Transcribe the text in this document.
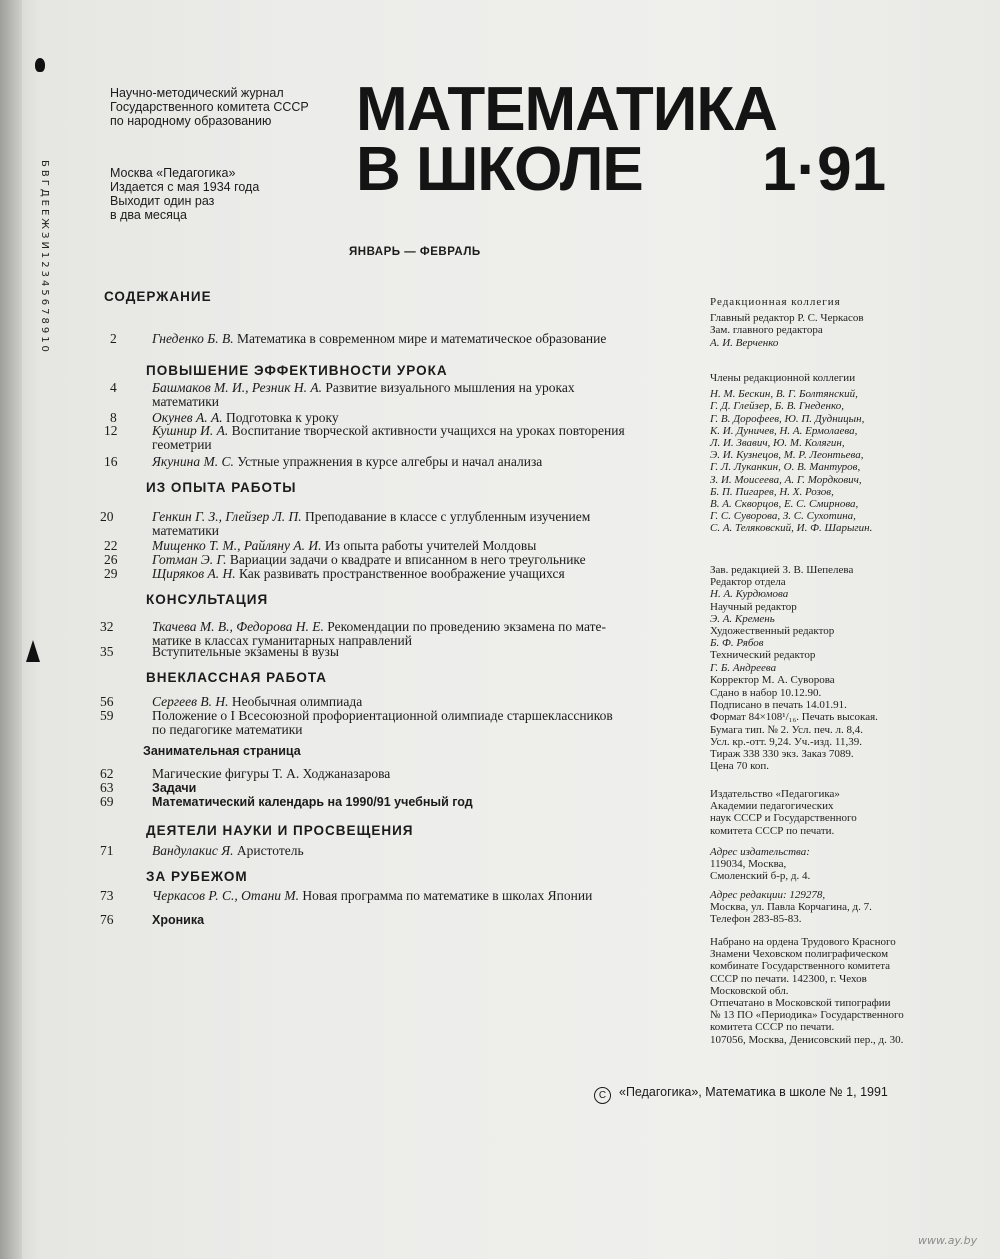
БВГДЕЕЖЗИ12345678910
Научно-методический журнал
Государственного комитета СССР
по народному образованию
Москва «Педагогика»
Издается с мая 1934 года
Выходит один раз
в два месяца
МАТЕМАТИКА
В ШКОЛЕ	1·91
ЯНВАРЬ — ФЕВРАЛЬ
СОДЕРЖАНИЕ
2	Гнеденко Б. В. Математика в современном мире и математическое образование
ПОВЫШЕНИЕ ЭФФЕКТИВНОСТИ УРОКА
4	Башмаков М. И., Резник Н. А. Развитие визуального мышления на уроках
математики
8	Окунев А. А. Подготовка к уроку
12	Кушнир И. А. Воспитание творческой активности учащихся на уроках повторения
геометрии
16	Якунина М. С. Устные упражнения в курсе алгебры и начал анализа
ИЗ ОПЫТА РАБОТЫ
20	Генкин Г. З., Глейзер Л. П. Преподавание в классе с углубленным изучением
математики
22	Мищенко Т. М., Райляну А. И. Из опыта работы учителей Молдовы
26	Готман Э. Г. Вариации задачи о квадрате и вписанном в него треугольнике
29	Щиряков А. Н. Как развивать пространственное воображение учащихся
КОНСУЛЬТАЦИЯ
32	Ткачева М. В., Федорова Н. Е. Рекомендации по проведению экзамена по мате-
матике в классах гуманитарных направлений
35	Вступительные экзамены в вузы
ВНЕКЛАССНАЯ РАБОТА
56	Сергеев В. Н. Необычная олимпиада
59	Положение о I Всесоюзной профориентационной олимпиаде старшеклассников
по педагогике математики
Занимательная страница
62	Магические фигуры Т. А. Ходжаназарова
63	Задачи
69	Математический календарь на 1990/91 учебный год
ДЕЯТЕЛИ НАУКИ И ПРОСВЕЩЕНИЯ
71	Вандулакис Я. Аристотель
ЗА РУБЕЖОМ
73	Черкасов Р. С., Отани М. Новая программа по математике в школах Японии
76	Хроника
Редакционная коллегия
Главный редактор Р. С. Черкасов
Зам. главного редактора
А. И. Верченко
Члены редакционной коллегии
Н. М. Бескин, В. Г. Болтянский,
Г. Д. Глейзер, Б. В. Гнеденко,
Г. В. Дорофеев, Ю. П. Дудницын,
К. И. Дуничев, Н. А. Ермолаева,
Л. И. Звавич, Ю. М. Колягин,
Э. И. Кузнецов, М. Р. Леонтьева,
Г. Л. Луканкин, О. В. Мантуров,
З. И. Моисеева, А. Г. Мордкович,
Б. П. Пигарев, Н. Х. Розов,
В. А. Скворцов, Е. С. Смирнова,
Г. С. Суворова, З. С. Сухотина,
С. А. Теляковский, И. Ф. Шарыгин.
Зав. редакцией З. В. Шепелева
Редактор отдела
Н. А. Курдюмова
Научный редактор
Э. А. Кремень
Художественный редактор
Б. Ф. Рябов
Технический редактор
Г. Б. Андреева
Корректор М. А. Суворова
Сдано в набор 10.12.90.
Подписано в печать 14.01.91.
Формат 84×108¹/₁₆. Печать высокая.
Бумага тип. № 2. Усл. печ. л. 8,4.
Усл. кр.-отт. 9,24. Уч.-изд. 11,39.
Тираж 338 330 экз. Заказ 7089.
Цена 70 коп.
Издательство «Педагогика»
Академии педагогических
наук СССР и Государственного
комитета СССР по печати.
Адрес издательства:
119034, Москва,
Смоленский б-р, д. 4.
Адрес редакции: 129278,
Москва, ул. Павла Корчагина, д. 7.
Телефон 283-85-83.
Набрано на ордена Трудового Красного
Знамени Чеховском полиграфическом
комбинате Государственного комитета
СССР по печати. 142300, г. Чехов
Московской обл.
Отпечатано в Московской типографии
№ 13 ПО «Периодика» Государственного
комитета СССР по печати.
107056, Москва, Денисовский пер., д. 30.
C «Педагогика», Математика в школе № 1, 1991
www.ay.by
